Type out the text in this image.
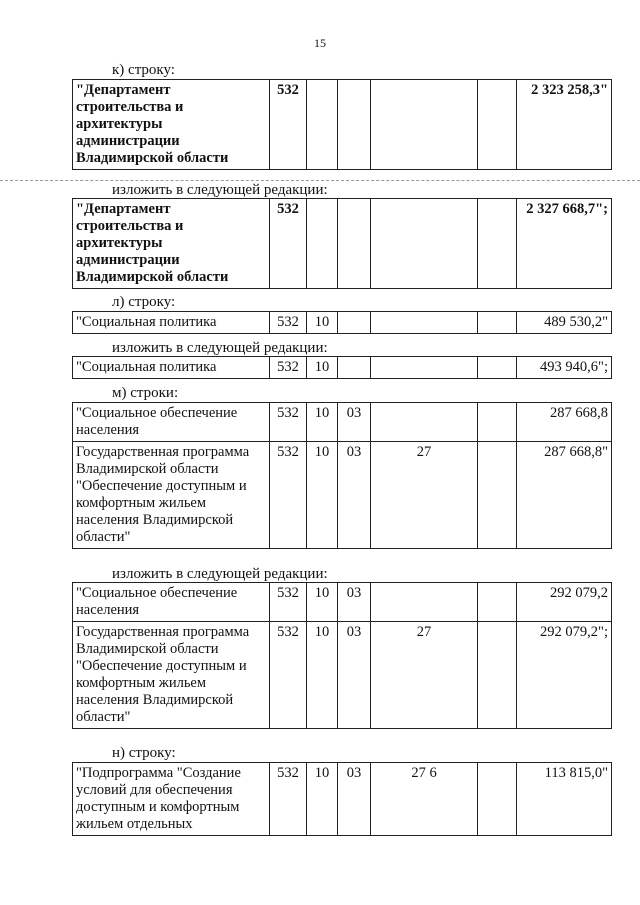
15
к) строку:
"Департамент строительства и архитектуры администрации Владимирской области	532					2 323 258,3"
изложить в следующей редакции:
"Департамент строительства и архитектуры администрации Владимирской области	532					2 327 668,7";
л) строку:
"Социальная политика	532	10				489 530,2"
изложить в следующей редакции:
"Социальная политика	532	10				493 940,6";
м) строки:
"Социальное обеспечение населения	532	10	03			287 668,8
Государственная программа Владимирской области "Обеспечение доступным и комфортным жильем населения Владимирской области"	532	10	03	27		287 668,8"
изложить в следующей редакции:
"Социальное обеспечение населения	532	10	03			292 079,2
Государственная программа Владимирской области "Обеспечение доступным и комфортным жильем населения Владимирской области"	532	10	03	27		292 079,2";
н) строку:
"Подпрограмма "Создание условий для обеспечения доступным и комфортным жильем отдельных	532	10	03	27 6		113 815,0"
